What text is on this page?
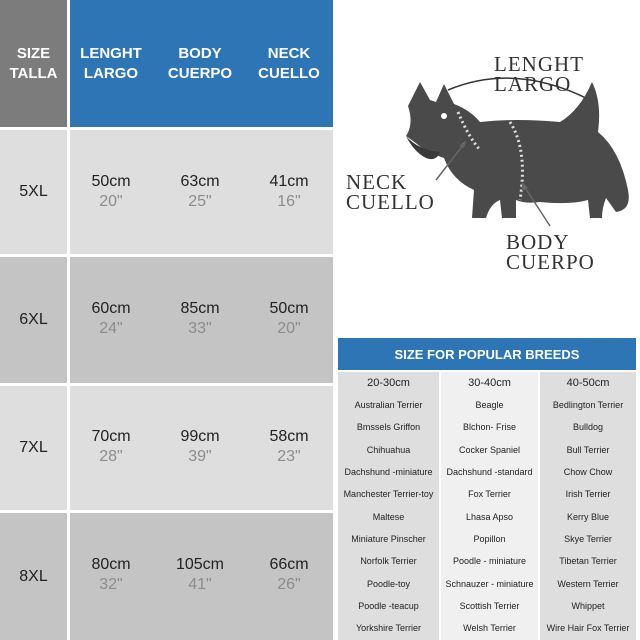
SIZE
TALLA
5XL
6XL
7XL
8XL
LENGHT
LARGO
BODY
CUERPO
NECK
CUELLO
50cm
20"
63cm
25"
41cm
16"
60cm
24"
85cm
33"
50cm
20"
70cm
28"
99cm
39"
58cm
23"
80cm
32"
105cm
41"
66cm
26"
LENGHT
LARGO
NECK
CUELLO
BODY
CUERPO
SIZE FOR POPULAR BREEDS
20-30cm
Australian Terrier
Bmssels Griffon
Chihuahua
Dachshund -miniature
Manchester Terrier-toy
Maltese
Miniature Pinscher
Norfolk Terrier
Poodle-toy
Poodle -teacup
Yorkshire Terrier
30-40cm
Beagle
Blchon- Frise
Cocker Spaniel
Dachshund -standard
Fox Terrier
Lhasa Apso
Popillon
Poodle - miniature
Schnauzer - miniature
Scottish Terrier
Welsh Terrier
40-50cm
Bedlington Terrier
Bulldog
Bull Terrier
Chow Chow
Irish Terrier
Kerry Blue
Skye Terrier
Tibetan Terrier
Western Terrier
Whippet
Wire Hair Fox Terrier
